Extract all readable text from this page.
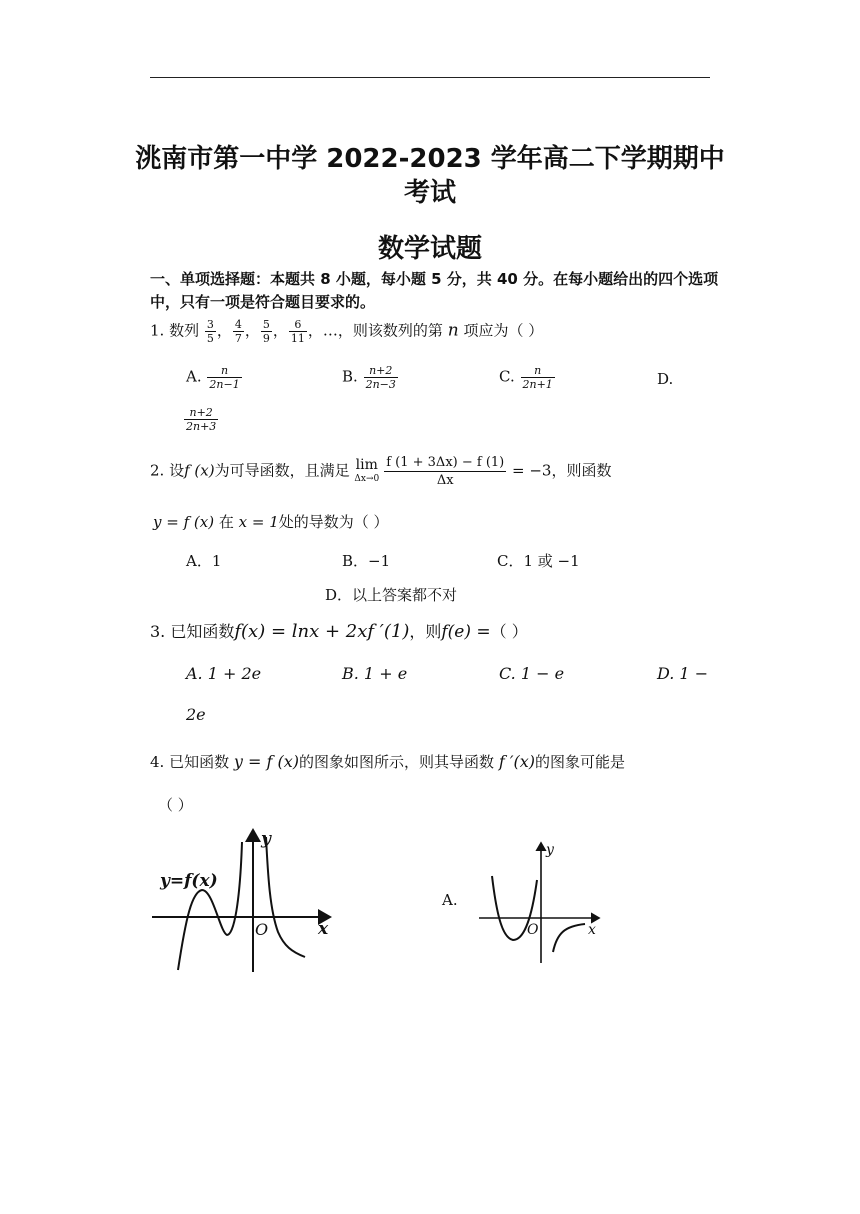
洮南市第一中学 2022-2023 学年高二下学期期中
考试
数学试题
一、单项选择题：本题共 8 小题，每小题 5 分，共 40 分。在每小题给出的四个选项中，只有一项是符合题目要求的。
1. 数列 $\frac{3}{5}$ ， $\frac{4}{7}$ ， $\frac{5}{9}$ ， $\frac{6}{11}$ ，…，则该数列的第 n 项应为（ ）
A. $\frac{n}{2n-1}$	B. $\frac{n+2}{2n-3}$	C. $\frac{n}{2n+1}$	D.
$\frac{n+2}{2n+3}$
2. 设f (x)为可导函数，且满足 lim
$\Delta x\to 0 \frac{f (1 + 3\Delta x) - f (1)}{\Delta x} = -3$，则函数
y = f (x) 在 x = 1处的导数为（ ）
A．1	B．−1	C．1 或 −1
D．以上答案都不对
3. 已知函数f(x) = lnx + 2xf ′(1)，则f(e) =（ ）
A. 1 + 2e	B. 1 + e	C. 1 − e	D. 1 −
2e
4. 已知函数 y = f (x)的图象如图所示，则其导函数 f ′(x)的图象可能是
（ ）
y=f(x)
x
y
O
A.
x
y
O
